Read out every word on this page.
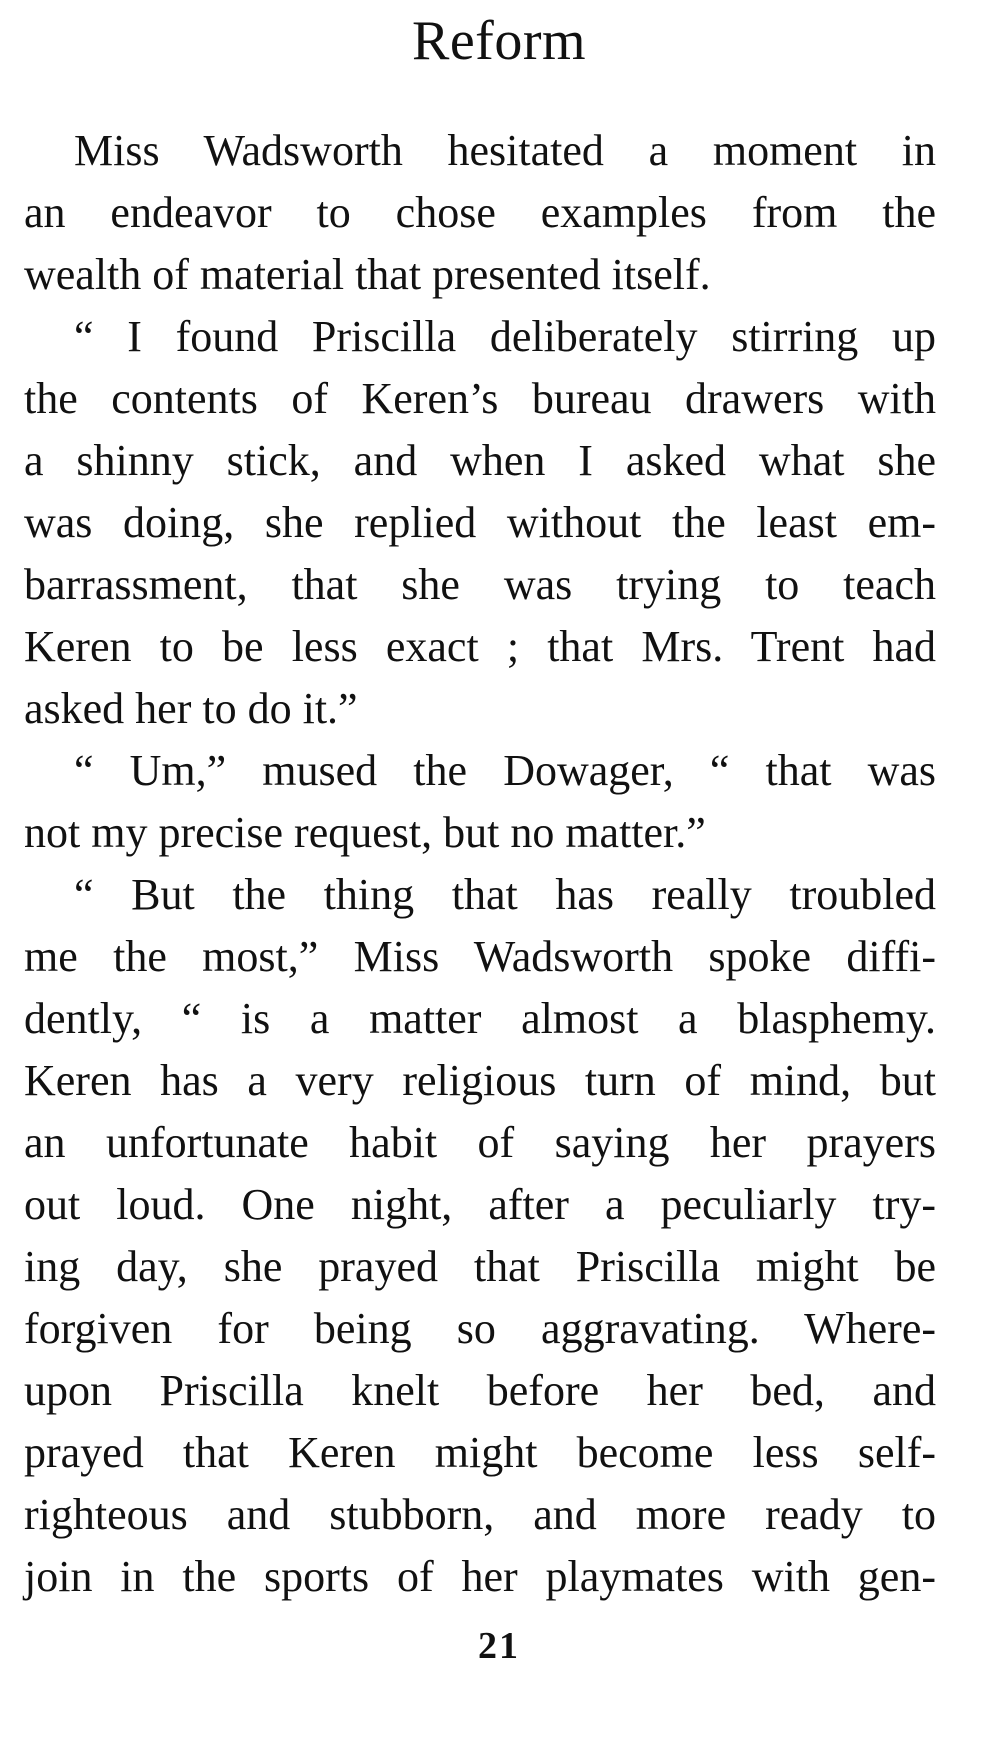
Reform

Miss Wadsworth hesitated a moment in
an endeavor to chose examples from the
wealth of material that presented itself.

“ I found Priscilla deliberately stirring up
the contents of Keren’s bureau drawers with
a shinny stick, and when I asked what she
was doing, she replied without the least em-
barrassment, that she was trying to teach
Keren to be less exact ; that Mrs. Trent had
asked her to do it.”

“ Um,” mused the Dowager, “ that was
not my precise request, but no matter.”

“ But the thing that has really troubled
me the most,” Miss Wadsworth spoke diffi-
dently, “ is a matter almost a blasphemy.
Keren has a very religious turn of mind, but
an unfortunate habit of saying her prayers
out loud. One night, after a peculiarly try-
ing day, she prayed that Priscilla might be
forgiven for being so aggravating. Where-
upon Priscilla knelt before her bed, and
prayed that Keren might become less self-
righteous and stubborn, and more ready to
join in the sports of her playmates with gen-

21
